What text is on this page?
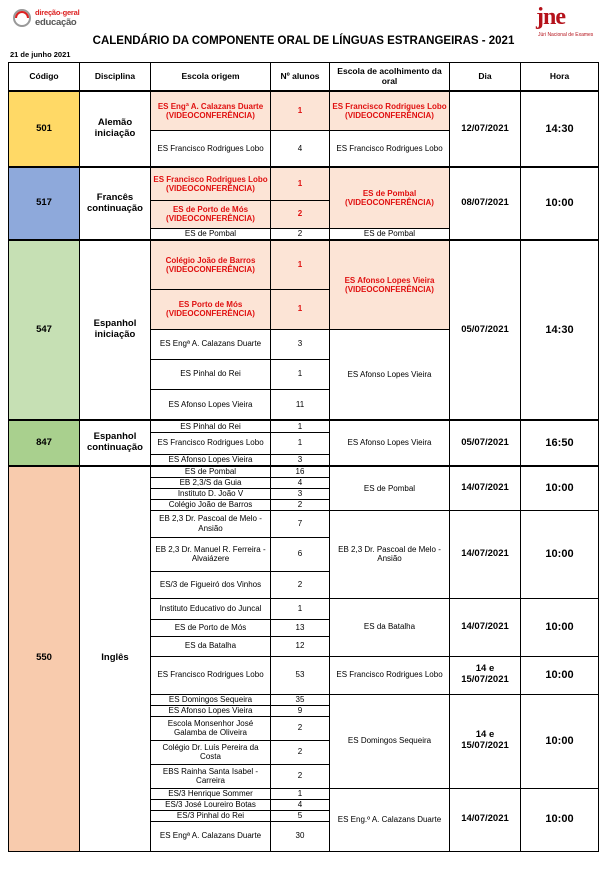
direção-geral
educação	jne
Júri Nacional de Exames
CALENDÁRIO DA COMPONENTE ORAL DE LÍNGUAS ESTRANGEIRAS - 2021
21 de junho 2021
Código	Disciplina	Escola origem	Nº alunos	Escola de acolhimento da oral	Dia	Hora
501	Alemão iniciação	ES Engª A. Calazans Duarte (VIDEOCONFERÊNCIA)	1	ES Francisco Rodrigues Lobo (VIDEOCONFERÊNCIA)	12/07/2021	14:30
		ES Francisco Rodrigues Lobo	4	ES Francisco Rodrigues Lobo		
517	Francês continuação	ES Francisco Rodrigues Lobo (VIDEOCONFERÊNCIA)	1	ES de Pombal (VIDEOCONFERÊNCIA)	08/07/2021	10:00
		ES de Porto de Mós (VIDEOCONFERÊNCIA)	2			
		ES de Pombal	2	ES de Pombal		
547	Espanhol iniciação	Colégio João de Barros (VIDEOCONFERÊNCIA)	1	ES Afonso Lopes Vieira (VIDEOCONFERÊNCIA)	05/07/2021	14:30
		ES Porto de Mós (VIDEOCONFERÊNCIA)	1			
		ES Engª A. Calazans Duarte	3	ES Afonso Lopes Vieira		
		ES Pinhal do Rei	1			
		ES Afonso Lopes Vieira	11			
847	Espanhol continuação	ES Pinhal do Rei	1	ES Afonso Lopes Vieira	05/07/2021	16:50
		ES Francisco Rodrigues Lobo	1			
		ES Afonso Lopes Vieira	3			
550	Inglês	ES de Pombal	16	ES de Pombal	14/07/2021	10:00
		EB 2,3/S da Guia	4			
		Instituto D. João V	3			
		Colégio João de Barros	2			
		EB 2,3 Dr. Pascoal de Melo - Ansião	7	EB 2,3 Dr. Pascoal de Melo - Ansião	14/07/2021	10:00
		EB 2,3 Dr. Manuel R. Ferreira - Alvaiázere	6			
		ES/3 de Figueiró dos Vinhos	2			
		Instituto Educativo do Juncal	1	ES da Batalha	14/07/2021	10:00
		ES de Porto de Mós	13			
		ES da Batalha	12			
		ES Francisco Rodrigues Lobo	53	ES Francisco Rodrigues Lobo	14 e 15/07/2021	10:00
		ES Domingos Sequeira	35	ES Domingos Sequeira	14 e 15/07/2021	10:00
		ES Afonso Lopes Vieira	9			
		Escola Monsenhor José Galamba de Oliveira	2			
		Colégio Dr. Luís Pereira da Costa	2			
		EBS Rainha Santa Isabel - Carreira	2			
		ES/3 Henrique Sommer	1	ES Eng.º A. Calazans Duarte	14/07/2021	10:00
		ES/3 José Loureiro Botas	4			
		ES/3 Pinhal do Rei	5			
		ES Engª A. Calazans Duarte	30			
